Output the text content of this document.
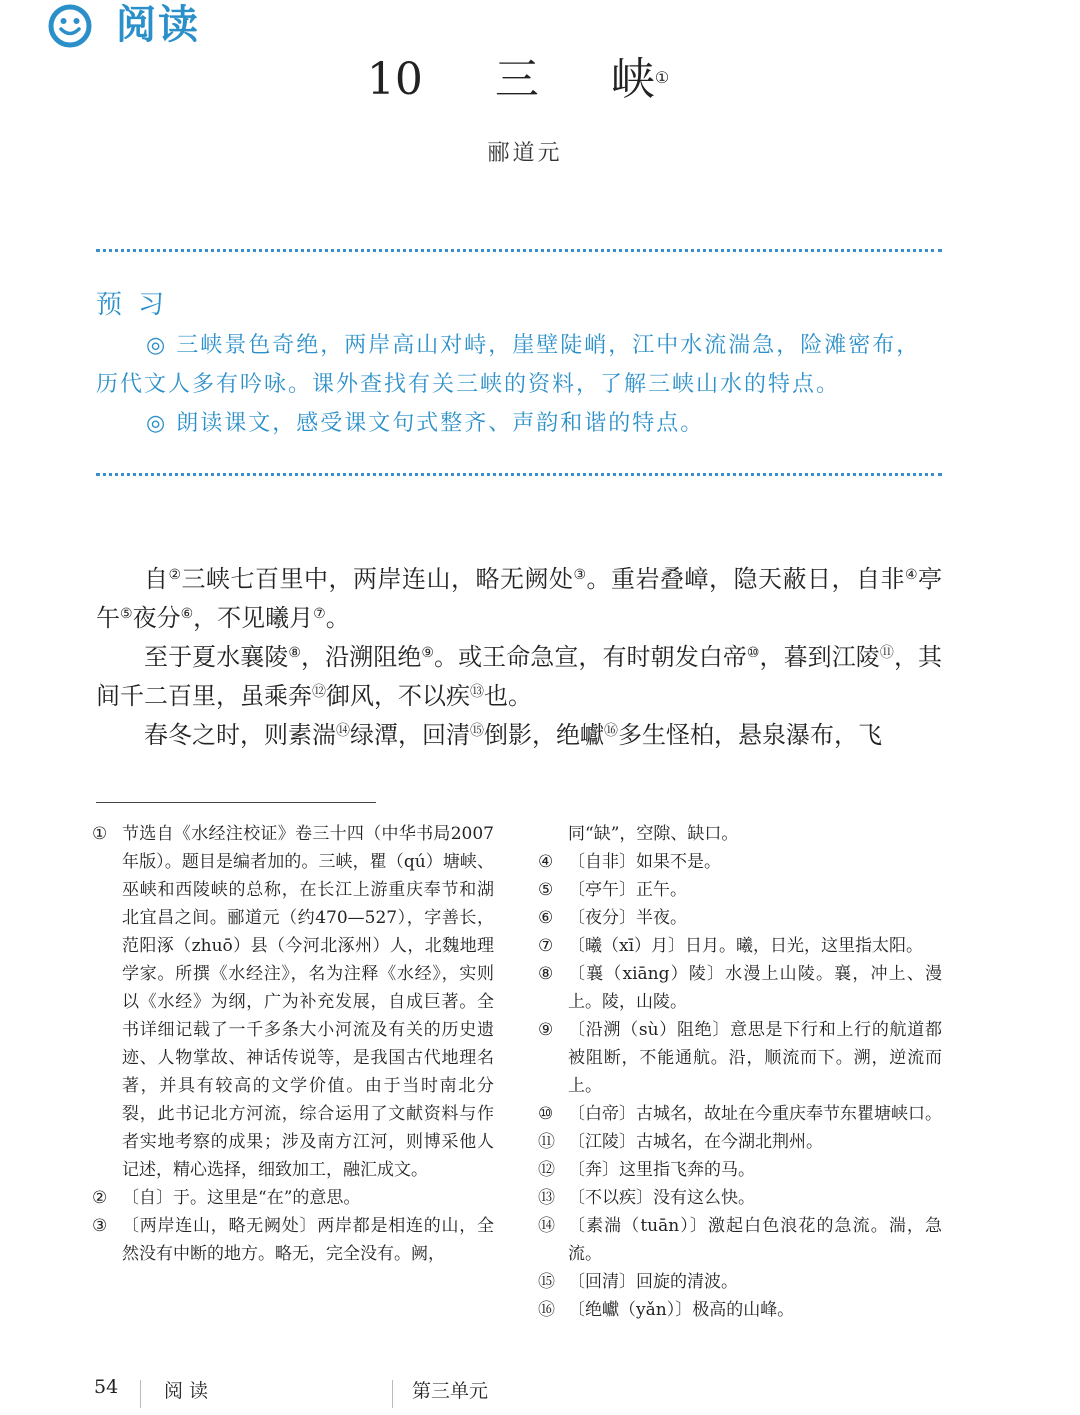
阅读
10 三 峡①
郦道元
预习

◎ 三峡景色奇绝，两岸高山对峙，崖壁陡峭，江中水流湍急，险滩密布，

历代文人多有吟咏。课外查找有关三峡的资料，了解三峡山水的特点。

◎ 朗读课文，感受课文句式整齐、声韵和谐的特点。

自②三峡七百里中，两岸连山，略无阙处③。重岩叠嶂，隐天蔽日，自非④亭午⑤夜分⑥，不见曦月⑦。

至于夏水襄陵⑧，沿溯阻绝⑨。或王命急宣，有时朝发白帝⑩，暮到江陵⑪，其间千二百里，虽乘奔⑫御风，不以疾⑬也。

春冬之时，则素湍⑭绿潭，回清⑮倒影，绝巘⑯多生怪柏，悬泉瀑布，飞

① 节选自《水经注校证》卷三十四（中华书局2007年版）。题目是编者加的。三峡，瞿（qú）塘峡、巫峡和西陵峡的总称，在长江上游重庆奉节和湖北宜昌之间。郦道元（约470—527），字善长，范阳涿（zhuō）县（今河北涿州）人，北魏地理学家。所撰《水经注》，名为注释《水经》，实则以《水经》为纲，广为补充发展，自成巨著。全书详细记载了一千多条大小河流及有关的历史遗迹、人物掌故、神话传说等，是我国古代地理名著，并具有较高的文学价值。由于当时南北分裂，此书记北方河流，综合运用了文献资料与作者实地考察的成果；涉及南方江河，则博采他人记述，精心选择，细致加工，融汇成文。
② 〔自〕于。这里是“在”的意思。
③ 〔两岸连山，略无阙处〕两岸都是相连的山，全然没有中断的地方。略无，完全没有。阙，
同“缺”，空隙、缺口。
④ 〔自非〕如果不是。
⑤ 〔亭午〕正午。
⑥ 〔夜分〕半夜。
⑦ 〔曦（xī）月〕日月。曦，日光，这里指太阳。
⑧ 〔襄（xiāng）陵〕水漫上山陵。襄，冲上、漫上。陵，山陵。
⑨ 〔沿溯（sù）阻绝〕意思是下行和上行的航道都被阻断，不能通航。沿，顺流而下。溯，逆流而上。
⑩ 〔白帝〕古城名，故址在今重庆奉节东瞿塘峡口。
⑪ 〔江陵〕古城名，在今湖北荆州。
⑫ 〔奔〕这里指飞奔的马。
⑬ 〔不以疾〕没有这么快。
⑭ 〔素湍（tuān）〕激起白色浪花的急流。湍，急流。
⑮ 〔回清〕回旋的清波。
⑯ 〔绝巘（yǎn）〕极高的山峰。
54 阅读	第三单元
